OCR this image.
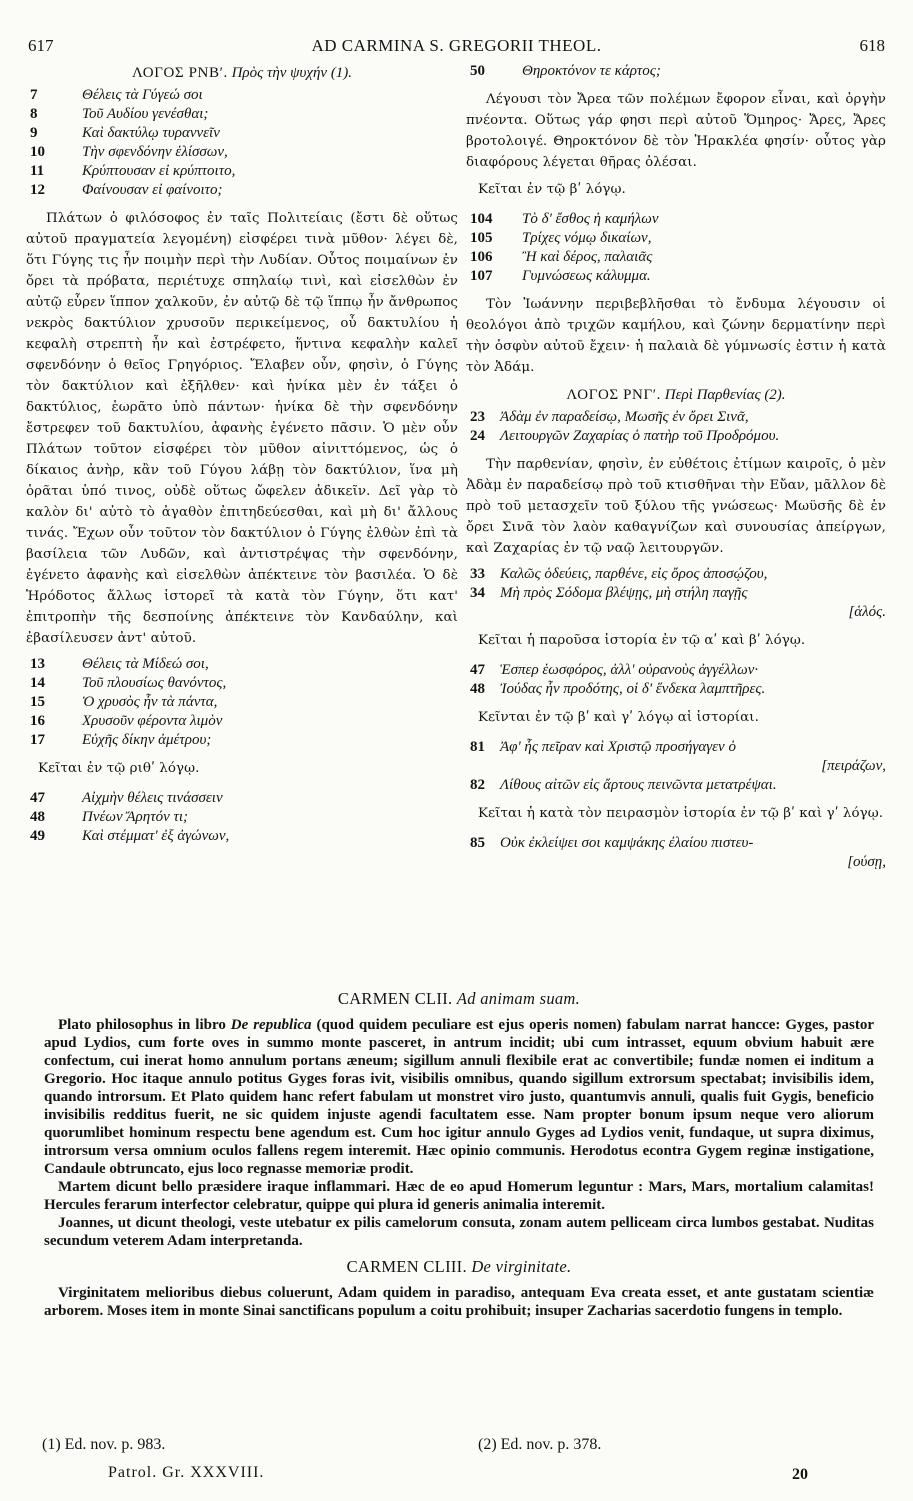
617	AD CARMINA S. GREGORII THEOL.	618
ΛΟΓΟΣ ΡΝΒʹ. Πρὸς τὴν ψυχήν (1).
7	Θέλεις τὰ Γύγεώ σοι
8	Τοῦ Αυδίου γενέσθαι;
9	Καὶ δακτύλῳ τυραννεῖν
10	Τὴν σφενδόνην ἑλίσσων,
11	Κρύπτουσαν εἰ κρύπτοιτο,
12	Φαίνουσαν εἰ φαίνοιτο;

Πλάτων ὁ φιλόσοφος ἐν ταῖς Πολιτείαις (ἔστι δὲ οὕτως αὐτοῦ πραγματεία λεγομένη) εἰσφέρει τινὰ μῦθον· λέγει δὲ, ὅτι Γύγης τις ἦν ποιμὴν περὶ τὴν Λυδίαν. Οὗτος ποιμαίνων ἐν ὄρει τὰ πρόβατα, περιέτυχε σπηλαίῳ τινὶ, καὶ εἰσελθὼν ἐν αὐτῷ εὗρεν ἵππον χαλκοῦν, ἐν αὐτῷ δὲ τῷ ἵππῳ ἦν ἄνθρωπος νεκρὸς δακτύλιον χρυσοῦν περικείμενος, οὗ δακτυλίου ἡ κεφαλὴ στρεπτὴ ἦν καὶ ἐστρέφετο, ἥντινα κεφαλὴν καλεῖ σφενδόνην ὁ θεῖος Γρηγόριος. Ἔλαβεν οὖν, φησὶν, ὁ Γύγης τὸν δακτύλιον καὶ ἐξῆλθεν· καὶ ἡνίκα μὲν ἐν τάξει ὁ δακτύλιος, ἑωρᾶτο ὑπὸ πάντων· ἡνίκα δὲ τὴν σφενδόνην ἔστρεφεν τοῦ δακτυλίου, ἀφανὴς ἐγένετο πᾶσιν. Ὁ μὲν οὖν Πλάτων τοῦτον εἰσφέρει τὸν μῦθον αἰνιττόμενος, ὡς ὁ δίκαιος ἀνὴρ, κἂν τοῦ Γύγου λάβῃ τὸν δακτύλιον, ἵνα μὴ ὁρᾶται ὑπό τινος, οὐδὲ οὕτως ὤφελεν ἀδικεῖν. Δεῖ γὰρ τὸ καλὸν δι' αὐτὸ τὸ ἀγαθὸν ἐπιτηδεύεσθαι, καὶ μὴ δι' ἄλλους τινάς. Ἔχων οὖν τοῦτον τὸν δακτύλιον ὁ Γύγης ἐλθὼν ἐπὶ τὰ βασίλεια τῶν Λυδῶν, καὶ ἀντιστρέψας τὴν σφενδόνην, ἐγένετο ἀφανὴς καὶ εἰσελθὼν ἀπέκτεινε τὸν βασιλέα. Ὁ δὲ Ἡρόδοτος ἄλλως ἱστορεῖ τὰ κατὰ τὸν Γύγην, ὅτι κατ' ἐπιτροπὴν τῆς δεσποίνης ἀπέκτεινε τὸν Κανδαύλην, καὶ ἐβασίλευσεν ἀντ' αὐτοῦ.

13	Θέλεις τὰ Μίδεώ σοι,
14	Τοῦ πλουσίως θανόντος,
15	Ὁ χρυσὸς ἦν τὰ πάντα,
16	Χρυσοῦν φέροντα λιμὸν
17	Εὐχῆς δίκην ἀμέτρου;

Κεῖται ἐν τῷ ριθʹ λόγῳ.

47	Αἰχμὴν θέλεις τινάσσειν
48	Πνέων Ἄρητόν τι;
49	Καὶ στέμματ' ἐξ ἀγώνων,
50	Θηροκτόνον τε κάρτος;

Λέγουσι τὸν Ἄρεα τῶν πολέμων ἔφορον εἶναι, καὶ ὀργὴν πνέοντα. Οὕτως γάρ φησι περὶ αὐτοῦ Ὅμηρος· Ἄρες, Ἄρες βροτολοιγέ. Θηροκτόνον δὲ τὸν Ἡρακλέα φησίν· οὗτος γὰρ διαφόρους λέγεται θῆρας ὀλέσαι.

Κεῖται ἐν τῷ βʹ λόγῳ.

104	Τὸ δ' ἔσθος ἡ καμήλων
105	Τρίχες νόμῳ δικαίων,
106	Ἢ καὶ δέρος, παλαιᾶς
107	Γυμνώσεως κάλυμμα.

Τὸν Ἰωάννην περιβεβλῆσθαι τὸ ἔνδυμα λέγουσιν οἱ θεολόγοι ἀπὸ τριχῶν καμήλου, καὶ ζώνην δερματίνην περὶ τὴν ὀσφὺν αὐτοῦ ἔχειν· ἡ παλαιὰ δὲ γύμνωσίς ἐστιν ἡ κατὰ τὸν Ἀδάμ.

ΛΟΓΟΣ ΡΝΓʹ. Περὶ Παρθενίας (2).
23	Ἀδὰμ ἐν παραδείσῳ, Μωσῆς ἐν ὄρει Σινᾶ,
24	Λειτουργῶν Ζαχαρίας ὁ πατὴρ τοῦ Προδρόμου.

Τὴν παρθενίαν, φησὶν, ἐν εὐθέτοις ἐτίμων καιροῖς, ὁ μὲν Ἀδὰμ ἐν παραδείσῳ πρὸ τοῦ κτισθῆναι τὴν Εὔαν, μᾶλλον δὲ πρὸ τοῦ μετασχεῖν τοῦ ξύλου τῆς γνώσεως· Μωϋσῆς δὲ ἐν ὄρει Σινᾶ τὸν λαὸν καθαγνίζων καὶ συνουσίας ἀπείργων, καὶ Ζαχαρίας ἐν τῷ ναῷ λειτουργῶν.

33	Καλῶς ὁδεύεις, παρθένε, εἰς ὄρος ἀποσῴζου,
34	Μὴ πρὸς Σόδομα βλέψῃς, μὴ στήλη παγῇς
[ἁλός.

Κεῖται ἡ παροῦσα ἱστορία ἐν τῷ αʹ καὶ βʹ λόγῳ.

47	Ἑσπερ ἑωσφόρος, ἀλλ' οὐρανοὺς ἀγγέλλων·
48	Ἰούδας ἦν προδότης, οἱ δ' ἕνδεκα λαμπτῆρες.

Κεῖνται ἐν τῷ βʹ καὶ γʹ λόγῳ αἱ ἱστορίαι.

81	Ἀφ' ἧς πεῖραν καὶ Χριστῷ προσήγαγεν ὁ
[πειράζων,
82	Λίθους αἰτῶν εἰς ἄρτους πεινῶντα μετατρέψαι.

Κεῖται ἡ κατὰ τὸν πειρασμὸν ἱστορία ἐν τῷ βʹ καὶ γʹ λόγῳ.

85	Οὐκ ἐκλείψει σοι καμψάκης ἐλαίου πιστευ-
[ούσῃ,
CARMEN CLII. Ad animam suam.

Plato philosophus in libro De republica (quod quidem peculiare est ejus operis nomen) fabulam narrat hancce: Gyges, pastor apud Lydios, cum forte oves in summo monte pasceret, in antrum incidit; ubi cum intrasset, equum obvium habuit ære confectum, cui inerat homo annulum portans æneum; sigillum annuli flexibile erat ac convertibile; fundæ nomen ei inditum a Gregorio. Hoc itaque annulo potitus Gyges foras ivit, visibilis omnibus, quando sigillum extrorsum spectabat; invisibilis idem, quando introrsum. Et Plato quidem hanc refert fabulam ut monstret viro justo, quantumvis annuli, qualis fuit Gygis, beneficio invisibilis redditus fuerit, ne sic quidem injuste agendi facultatem esse. Nam propter bonum ipsum neque vero aliorum quorumlibet hominum respectu bene agendum est. Cum hoc igitur annulo Gyges ad Lydios venit, fundaque, ut supra diximus, introrsum versa omnium oculos fallens regem interemit. Hæc opinio communis. Herodotus econtra Gygem reginæ instigatione, Candaule obtruncato, ejus loco regnasse memoriæ prodit.

Martem dicunt bello præsidere iraque inflammari. Hæc de eo apud Homerum leguntur : Mars, Mars, mortalium calamitas! Hercules ferarum interfector celebratur, quippe qui plura id generis animalia interemit.

Joannes, ut dicunt theologi, veste utebatur ex pilis camelorum consuta, zonam autem pelliceam circa lumbos gestabat. Nuditas secundum veterem Adam interpretanda.

CARMEN CLIII. De virginitate.

Virginitatem melioribus diebus coluerunt, Adam quidem in paradiso, antequam Eva creata esset, et ante gustatam scientiæ arborem. Moses item in monte Sinai sanctificans populum a coitu prohibuit; insuper Zacharias sacerdotio fungens in templo.

(1) Ed. nov. p. 983.	(2) Ed. nov. p. 378.
Patrol. Gr. XXXVIII.	20
